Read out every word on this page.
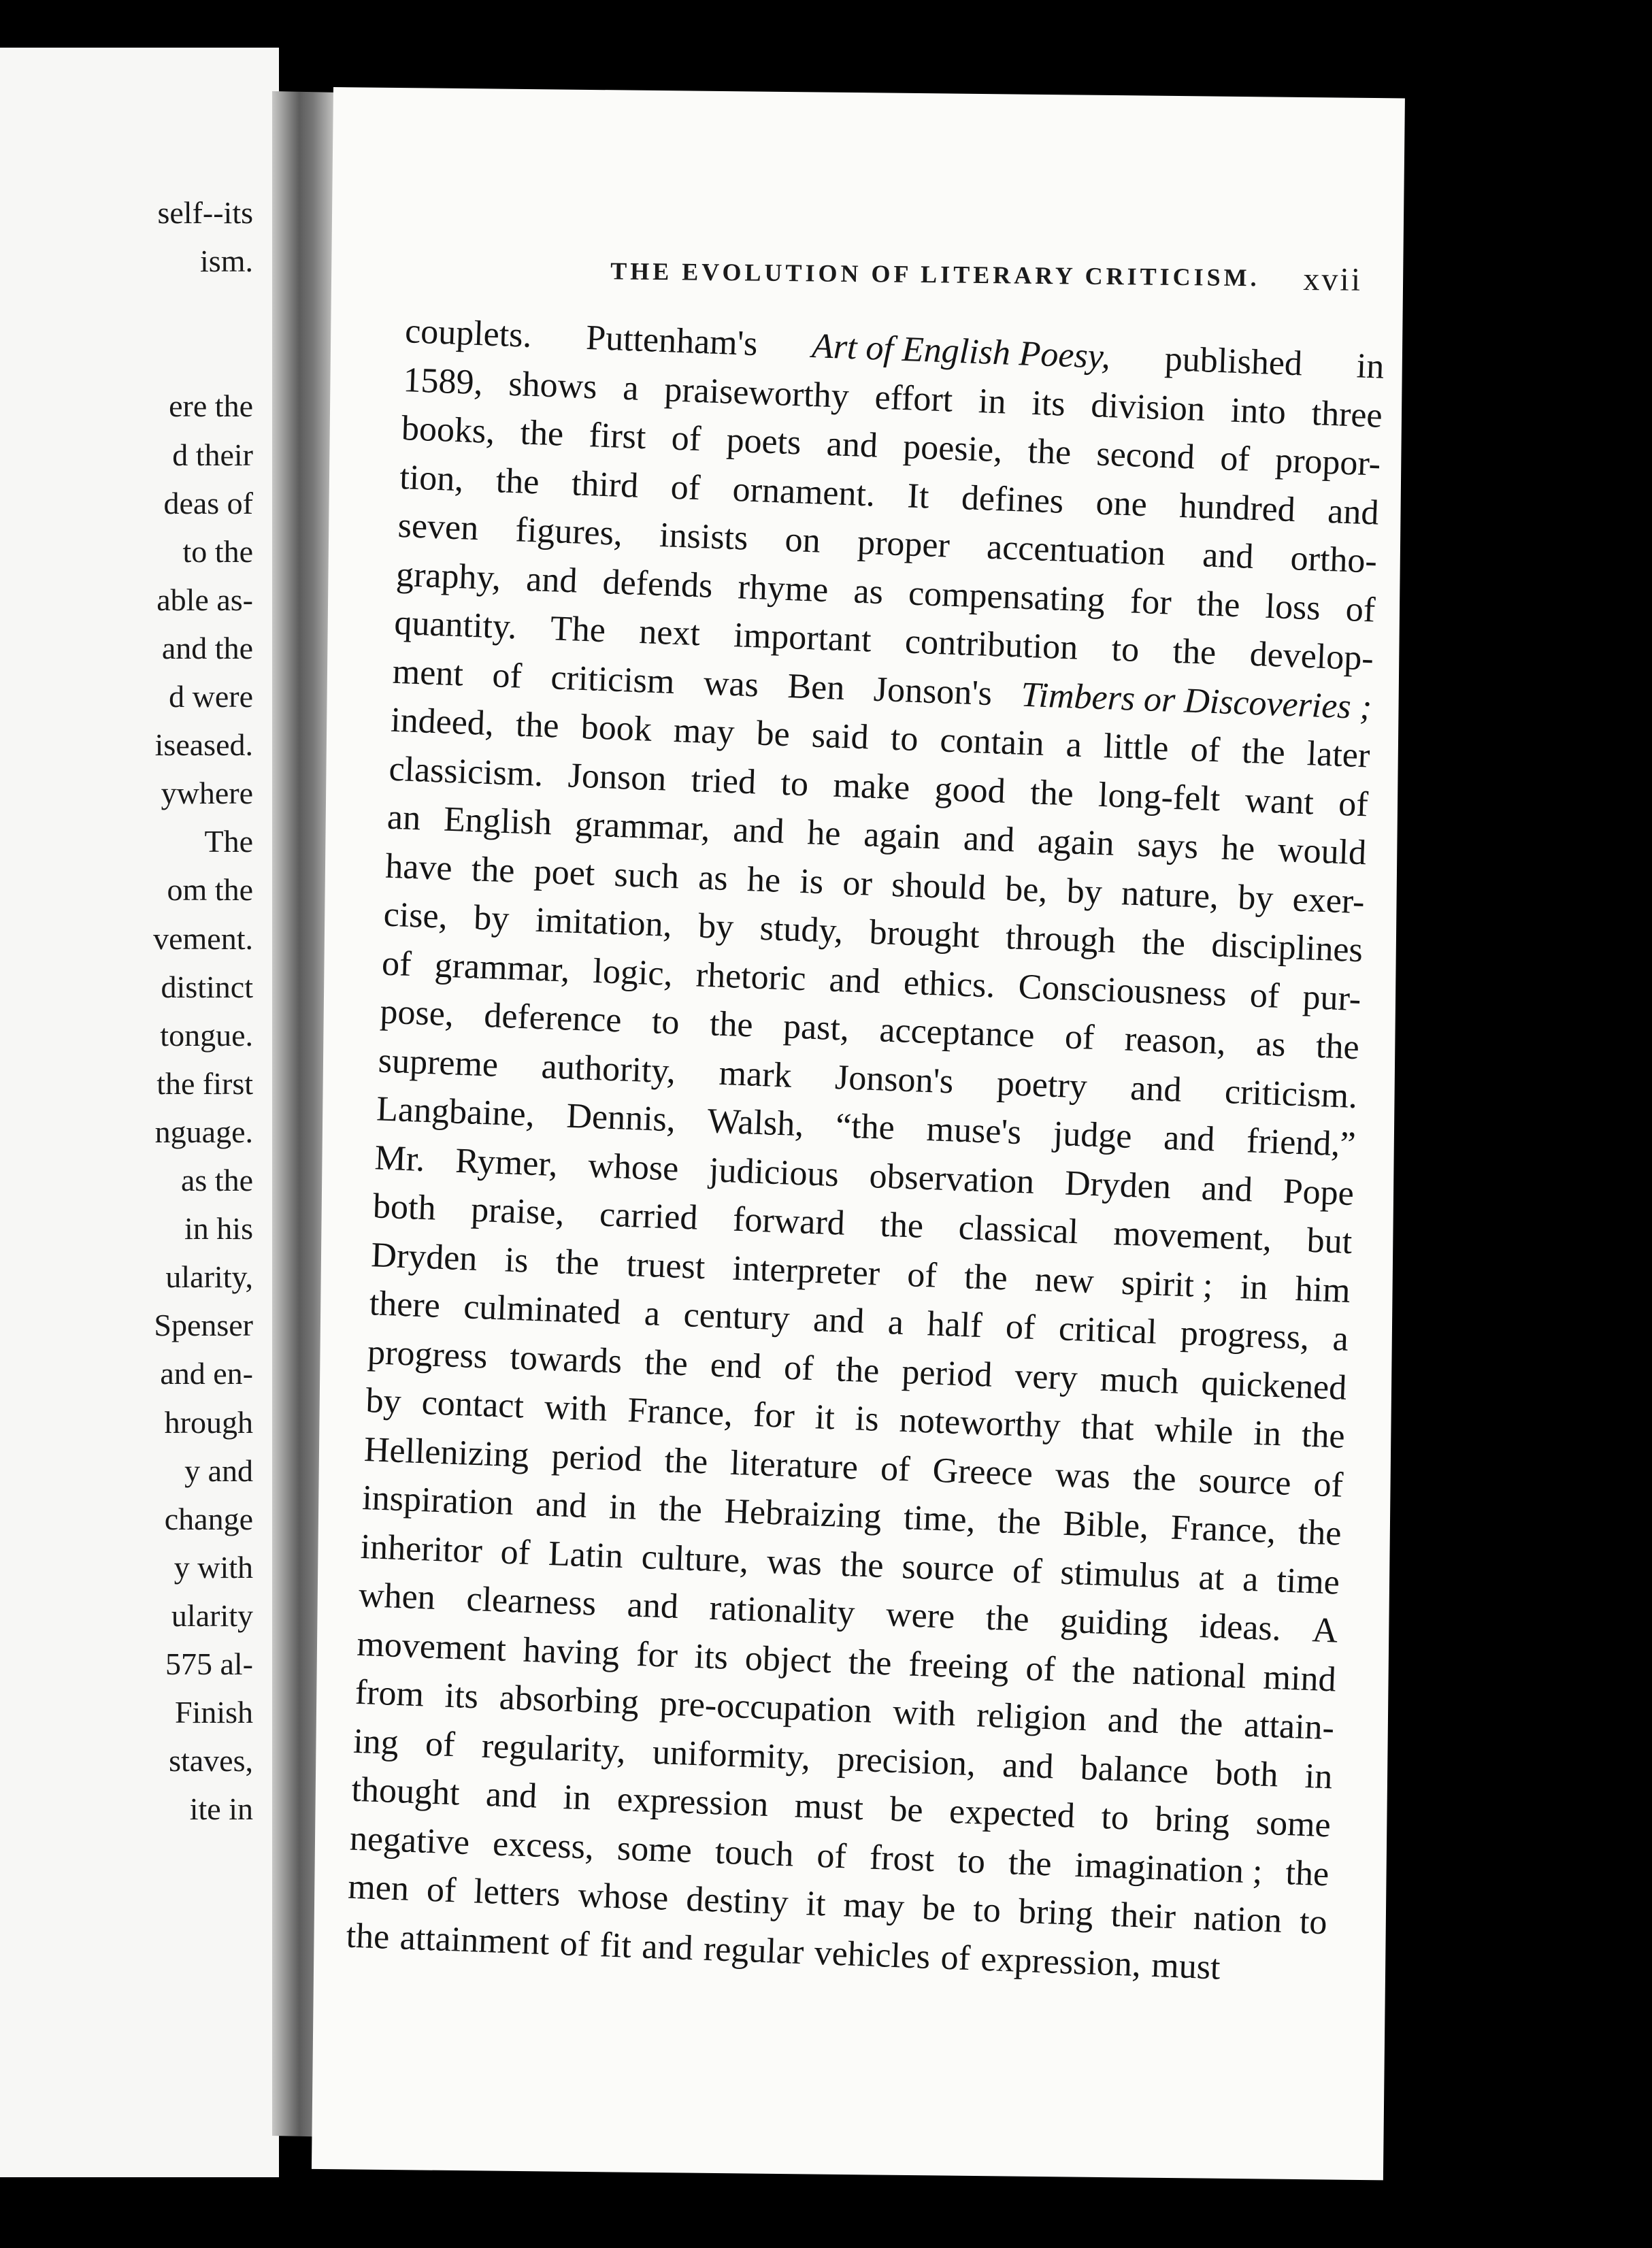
self--its
ism.
ere the
d their
deas of
to the
able as-
and the
d were
iseased.
ywhere
The
om the
vement.
distinct
tongue.
the first
nguage.
as the
in his
ularity,
Spenser
and en-
hrough
y and
change
y with
ularity
575 al-
Finish
staves,
ite in
THE EVOLUTION OF LITERARY CRITICISM. xvii
couplets. Puttenham's Art of English Poesy, published in
1589, shows a praiseworthy effort in its division into three
books, the first of poets and poesie, the second of propor-
tion, the third of ornament. It defines one hundred and
seven figures, insists on proper accentuation and ortho-
graphy, and defends rhyme as compensating for the loss of
quantity. The next important contribution to the develop-
ment of criticism was Ben Jonson's Timbers or Discoveries ;
indeed, the book may be said to contain a little of the later
classicism. Jonson tried to make good the long-felt want of
an English grammar, and he again and again says he would
have the poet such as he is or should be, by nature, by exer-
cise, by imitation, by study, brought through the disciplines
of grammar, logic, rhetoric and ethics. Consciousness of pur-
pose, deference to the past, acceptance of reason, as the
supreme authority, mark Jonson's poetry and criticism.
Langbaine, Dennis, Walsh, “the muse's judge and friend,”
Mr. Rymer, whose judicious observation Dryden and Pope
both praise, carried forward the classical movement, but
Dryden is the truest interpreter of the new spirit ; in him
there culminated a century and a half of critical progress, a
progress towards the end of the period very much quickened
by contact with France, for it is noteworthy that while in the
Hellenizing period the literature of Greece was the source of
inspiration and in the Hebraizing time, the Bible, France, the
inheritor of Latin culture, was the source of stimulus at a time
when clearness and rationality were the guiding ideas. A
movement having for its object the freeing of the national mind
from its absorbing pre-occupation with religion and the attain-
ing of regularity, uniformity, precision, and balance both in
thought and in expression must be expected to bring some
negative excess, some touch of frost to the imagination ; the
men of letters whose destiny it may be to bring their nation to
the attainment of fit and regular vehicles of expression, must
